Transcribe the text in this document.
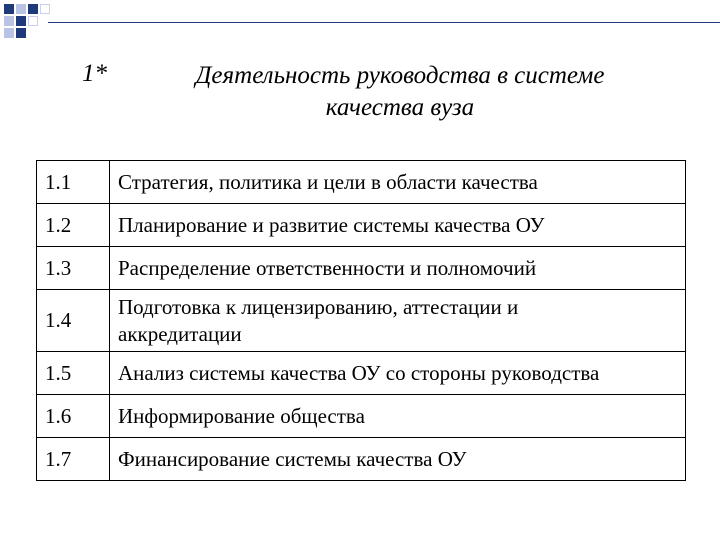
1*	Деятельность руководства в системе
качества вуза
1.1	Стратегия, политика и цели в области качества
1.2	Планирование и развитие системы качества ОУ
1.3	Распределение ответственности и полномочий
1.4	Подготовка к лицензированию, аттестации и
аккредитации

1.5	Анализ системы качества ОУ со стороны руководства
1.6	Информирование общества
1.7	Финансирование системы качества ОУ
